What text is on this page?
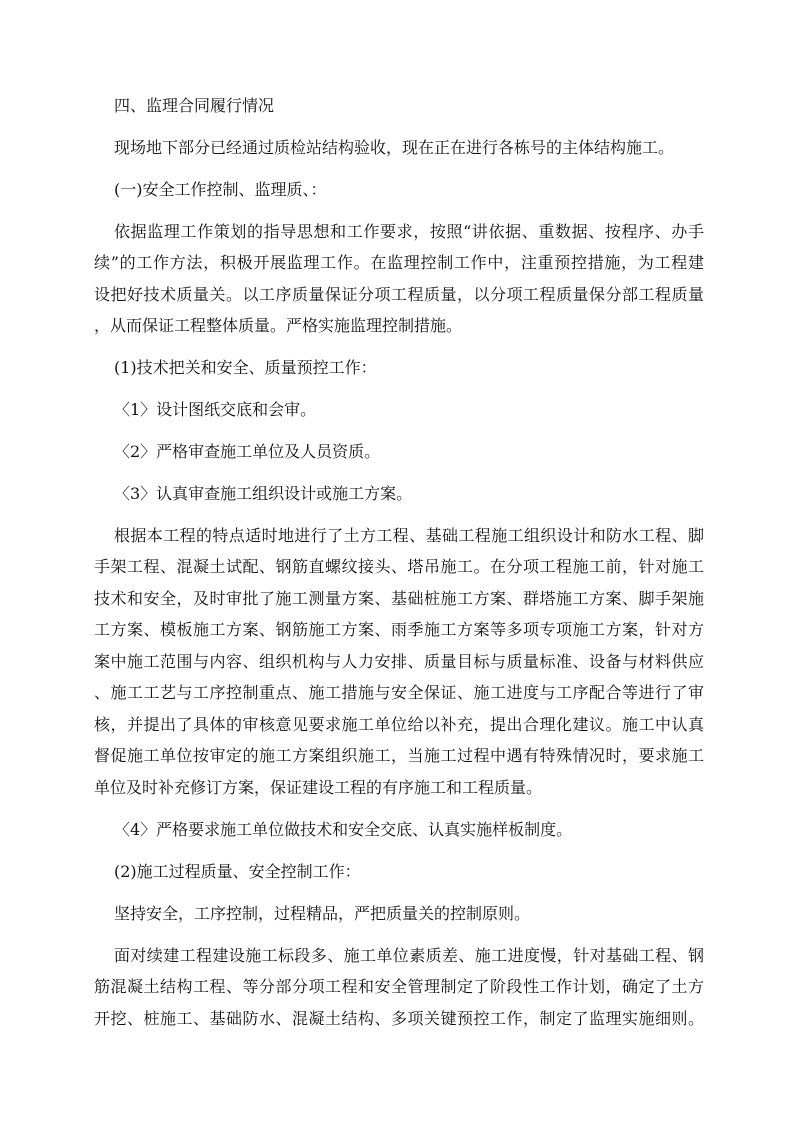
四、监理合同履行情况
现场地下部分已经通过质检站结构验收，现在正在进行各栋号的主体结构施工。
(一)安全工作控制、监理质、：
依据监理工作策划的指导思想和工作要求，按照“讲依据、重数据、按程序、办手
续”的工作方法，积极开展监理工作。在监理控制工作中，注重预控措施，为工程建
设把好技术质量关。以工序质量保证分项工程质量，以分项工程质量保分部工程质量
，从而保证工程整体质量。严格实施监理控制措施。
(1)技术把关和安全、质量预控工作：
〈1〉设计图纸交底和会审。
〈2〉严格审查施工单位及人员资质。
〈3〉认真审查施工组织设计或施工方案。
根据本工程的特点适时地进行了土方工程、基础工程施工组织设计和防水工程、脚
手架工程、混凝土试配、钢筋直螺纹接头、塔吊施工。在分项工程施工前，针对施工
技术和安全，及时审批了施工测量方案、基础桩施工方案、群塔施工方案、脚手架施
工方案、模板施工方案、钢筋施工方案、雨季施工方案等多项专项施工方案，针对方
案中施工范围与内容、组织机构与人力安排、质量目标与质量标准、设备与材料供应
、施工工艺与工序控制重点、施工措施与安全保证、施工进度与工序配合等进行了审
核，并提出了具体的审核意见要求施工单位给以补充，提出合理化建议。施工中认真
督促施工单位按审定的施工方案组织施工，当施工过程中遇有特殊情况时，要求施工
单位及时补充修订方案，保证建设工程的有序施工和工程质量。
〈4〉严格要求施工单位做技术和安全交底、认真实施样板制度。
(2)施工过程质量、安全控制工作：
坚持安全，工序控制，过程精品，严把质量关的控制原则。
面对续建工程建设施工标段多、施工单位素质差、施工进度慢，针对基础工程、钢
筋混凝土结构工程、等分部分项工程和安全管理制定了阶段性工作计划，确定了土方
开挖、桩施工、基础防水、混凝土结构、多项关键预控工作，制定了监理实施细则。
